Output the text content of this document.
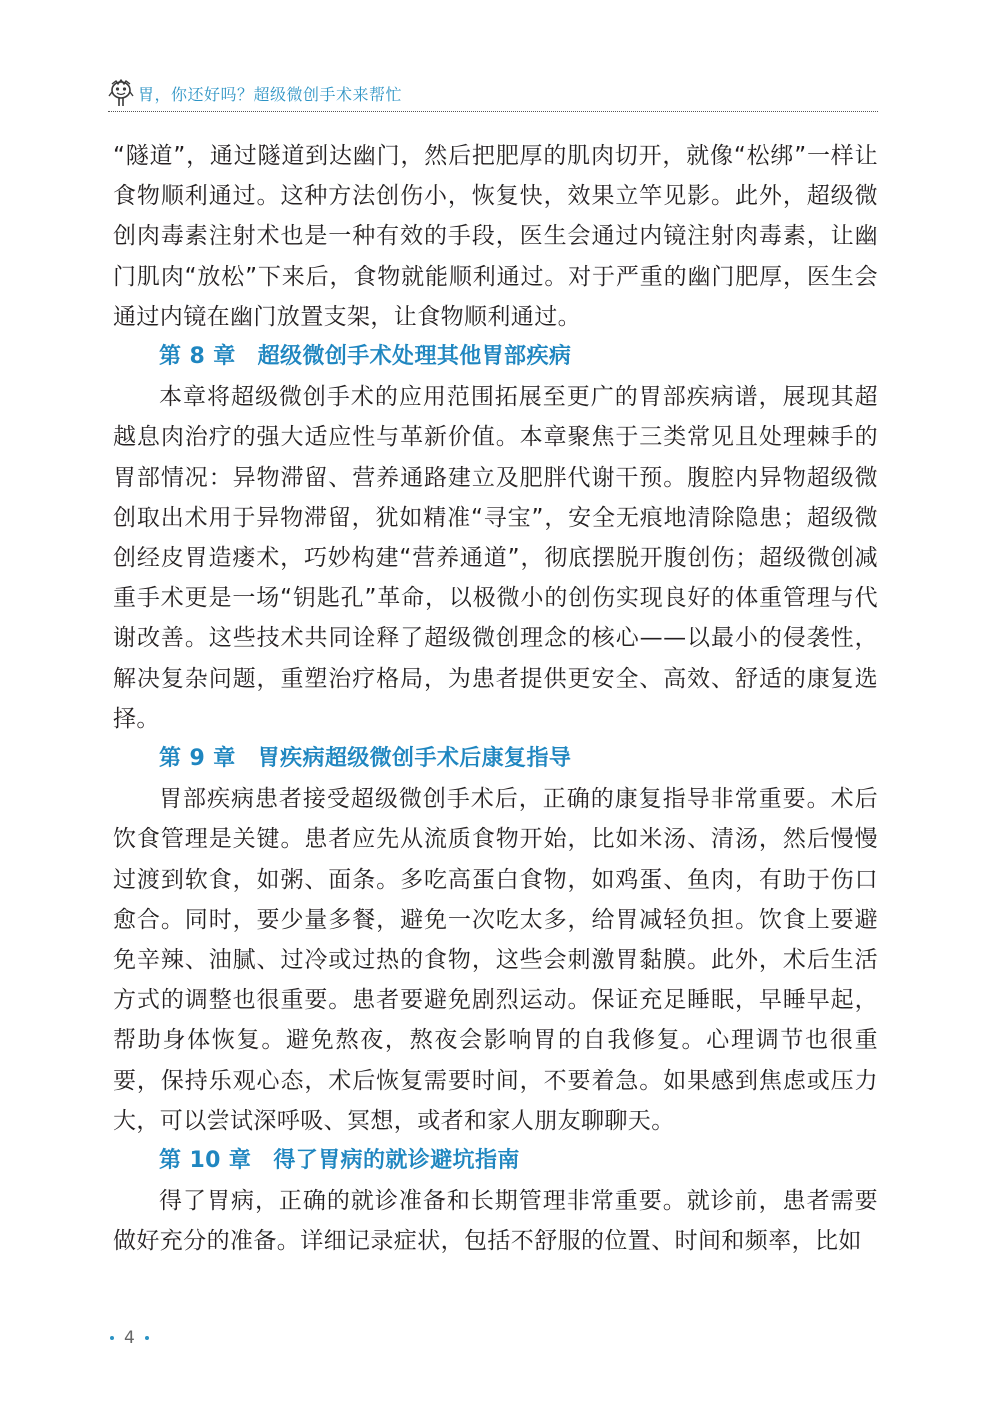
胃，你还好吗？超级微创手术来帮忙

“隧道”，通过隧道到达幽门，然后把肥厚的肌肉切开，就像“松绑”一样让食物顺利通过。这种方法创伤小，恢复快，效果立竿见影。此外，超级微创肉毒素注射术也是一种有效的手段，医生会通过内镜注射肉毒素，让幽门肌肉“放松”下来后，食物就能顺利通过。对于严重的幽门肥厚，医生会通过内镜在幽门放置支架，让食物顺利通过。

第 8 章 超级微创手术处理其他胃部疾病

本章将超级微创手术的应用范围拓展至更广的胃部疾病谱，展现其超越息肉治疗的强大适应性与革新价值。本章聚焦于三类常见且处理棘手的胃部情况：异物滞留、营养通路建立及肥胖代谢干预。腹腔内异物超级微创取出术用于异物滞留，犹如精准“寻宝”，安全无痕地清除隐患；超级微创经皮胃造瘘术，巧妙构建“营养通道”，彻底摆脱开腹创伤；超级微创减重手术更是一场“钥匙孔”革命，以极微小的创伤实现良好的体重管理与代谢改善。这些技术共同诠释了超级微创理念的核心——以最小的侵袭性，解决复杂问题，重塑治疗格局，为患者提供更安全、高效、舒适的康复选择。

第 9 章 胃疾病超级微创手术后康复指导

胃部疾病患者接受超级微创手术后，正确的康复指导非常重要。术后饮食管理是关键。患者应先从流质食物开始，比如米汤、清汤，然后慢慢过渡到软食，如粥、面条。多吃高蛋白食物，如鸡蛋、鱼肉，有助于伤口愈合。同时，要少量多餐，避免一次吃太多，给胃减轻负担。饮食上要避免辛辣、油腻、过冷或过热的食物，这些会刺激胃黏膜。此外，术后生活方式的调整也很重要。患者要避免剧烈运动。保证充足睡眠，早睡早起，帮助身体恢复。避免熬夜，熬夜会影响胃的自我修复。心理调节也很重要，保持乐观心态，术后恢复需要时间，不要着急。如果感到焦虑或压力大，可以尝试深呼吸、冥想，或者和家人朋友聊聊天。

第 10 章 得了胃病的就诊避坑指南

得了胃病，正确的就诊准备和长期管理非常重要。就诊前，患者需要做好充分的准备。详细记录症状，包括不舒服的位置、时间和频率，比如

4
